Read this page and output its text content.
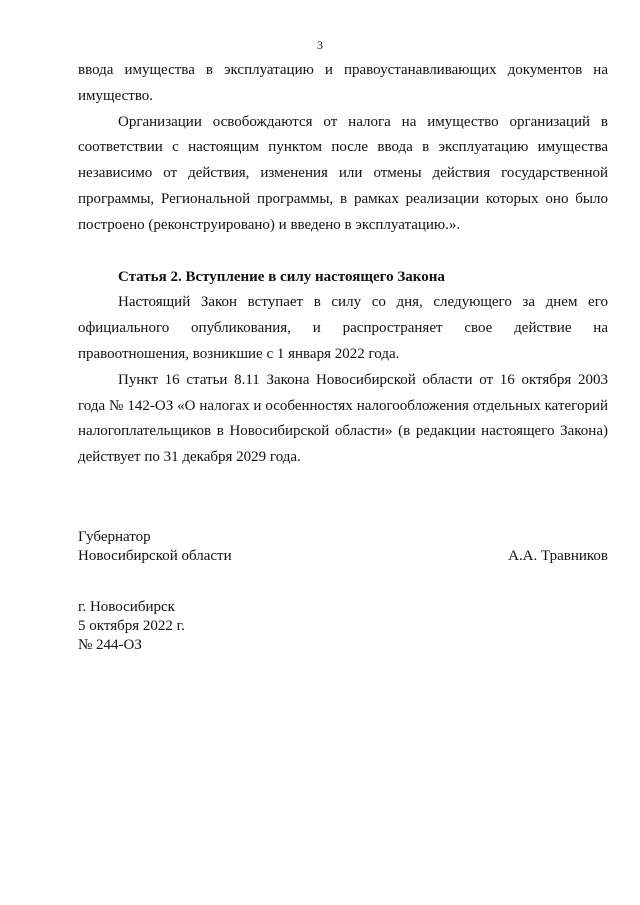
3

ввода имущества в эксплуатацию и правоустанавливающих документов на имущество.

Организации освобождаются от налога на имущество организаций в соответствии с настоящим пунктом после ввода в эксплуатацию имущества независимо от действия, изменения или отмены действия государственной программы, Региональной программы, в рамках реализации которых оно было построено (реконструировано) и введено в эксплуатацию.».

Статья 2. Вступление в силу настоящего Закона

Настоящий Закон вступает в силу со дня, следующего за днем его официального опубликования, и распространяет свое действие на правоотношения, возникшие с 1 января 2022 года.

Пункт 16 статьи 8.11 Закона Новосибирской области от 16 октября 2003 года № 142-ОЗ «О налогах и особенностях налогообложения отдельных категорий налогоплательщиков в Новосибирской области» (в редакции настоящего Закона) действует по 31 декабря 2029 года.

Губернатор
Новосибирской области	А.А. Травников
г. Новосибирск
5 октября 2022 г.
№ 244-ОЗ
